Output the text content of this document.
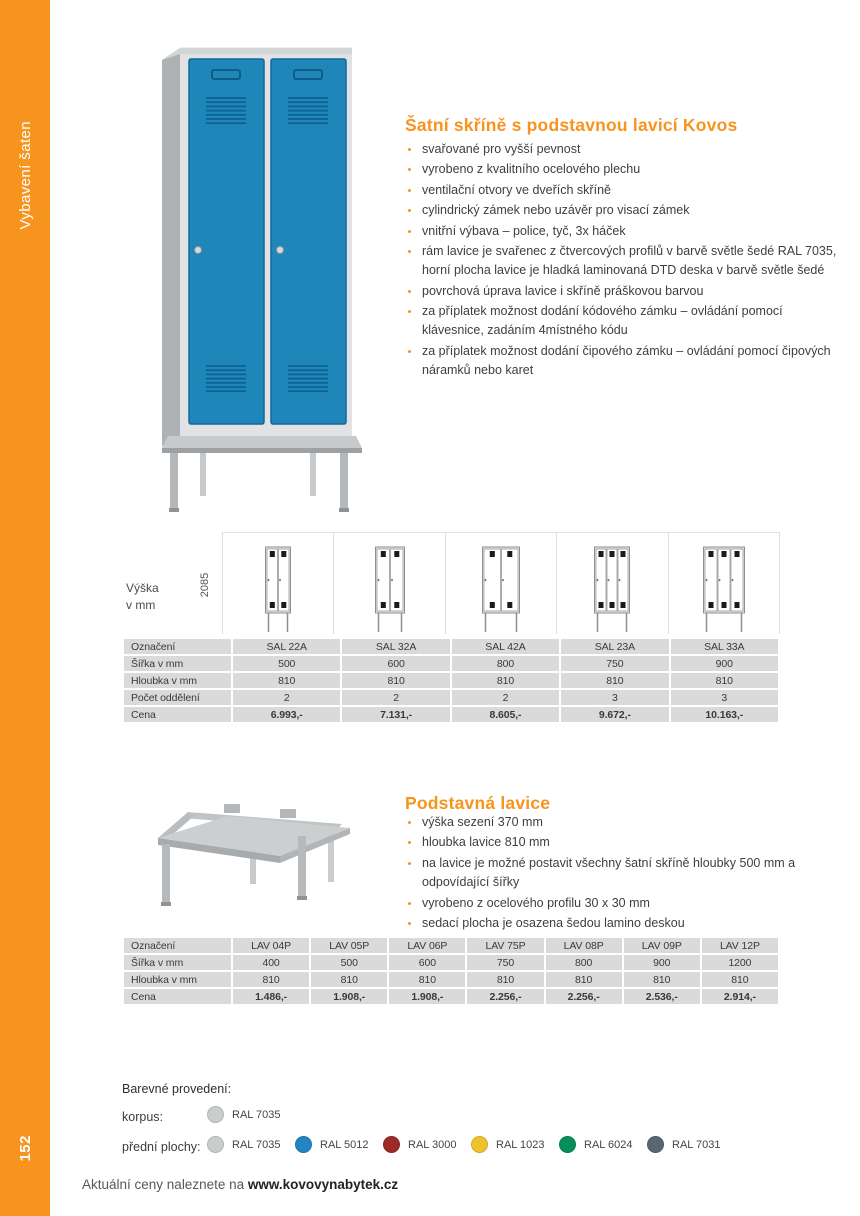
Vybavení šaten
152
Šatní skříně s podstavnou lavicí Kovos
svařované pro vyšší pevnost
vyrobeno z kvalitního ocelového plechu
ventilační otvory ve dveřích skříně
cylindrický zámek nebo uzávěr pro visací zámek
vnitřní výbava – police, tyč, 3x háček
rám lavice je svařenec z čtvercových profilů v barvě světle šedé RAL 7035, horní plocha lavice je hladká laminovaná DTD deska v barvě světle šedé
povrchová úprava lavice i skříně práškovou barvou
za příplatek možnost dodání kódového zámku – ovládání pomocí klávesnice, zadáním 4místného kódu
za příplatek možnost dodání čipového zámku – ovládání pomocí čipových náramků nebo karet
Výška
v mm
2085
Označení	SAL 22A	SAL 32A	SAL 42A	SAL 23A	SAL 33A
Šířka v mm	500	600	800	750	900
Hloubka v mm	810	810	810	810	810
Počet oddělení	2	2	2	3	3
Cena	6.993,-	7.131,-	8.605,-	9.672,-	10.163,-
Podstavná lavice
výška sezení 370 mm
hloubka lavice 810 mm
na lavice je možné postavit všechny šatní skříně hloubky 500 mm a odpovídající šířky
vyrobeno z ocelového profilu 30 x 30 mm
sedací plocha je osazena šedou lamino deskou
Označení	LAV 04P	LAV 05P	LAV 06P	LAV 75P	LAV 08P	LAV 09P	LAV 12P
Šířka v mm	400	500	600	750	800	900	1200
Hloubka v mm	810	810	810	810	810	810	810
Cena	1.486,-	1.908,-	1.908,-	2.256,-	2.256,-	2.536,-	2.914,-
Barevné provedení:
korpus:	RAL 7035
přední plochy:	RAL 7035	RAL 5012	RAL 3000	RAL 1023	RAL 6024	RAL 7031
Aktuální ceny naleznete na www.kovovynabytek.cz
